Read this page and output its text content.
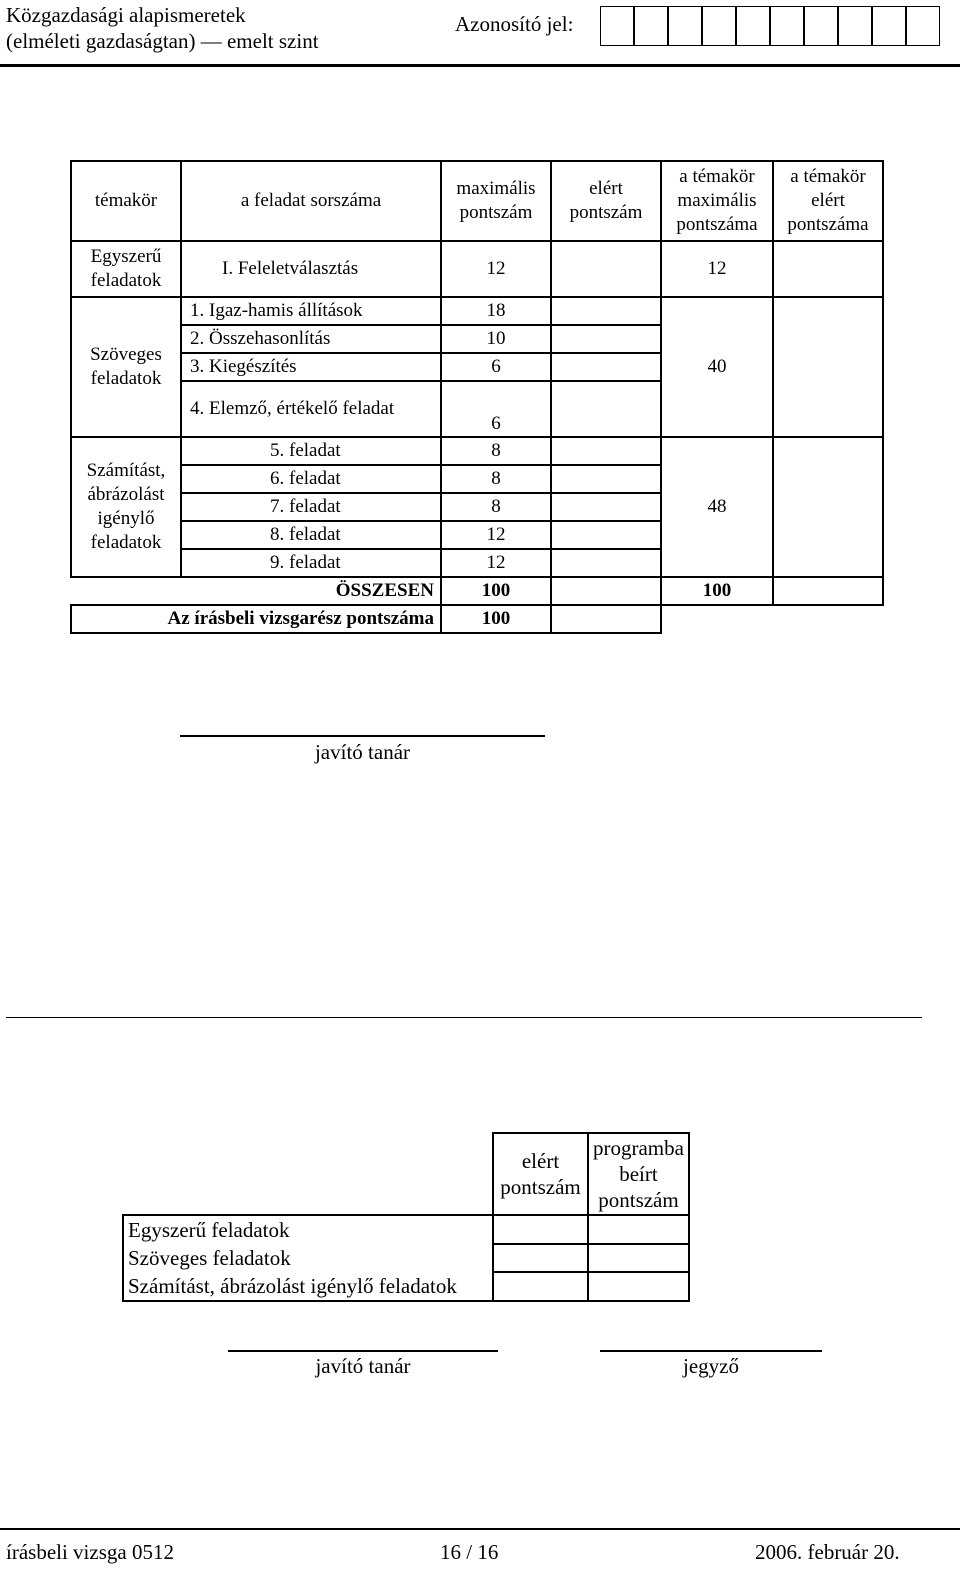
Közgazdasági alapismeretek
(elméleti gazdaságtan) — emelt szint
Azonosító jel:
témakör	a feladat sorszáma	maximális pontszám	elért pontszám	a témakör maximális pontszáma	a témakör elért pontszáma
Egyszerű feladatok	I. Feleletválasztás	12		12	
Szöveges feladatok	1. Igaz-hamis állítások	18		40	
	2. Összehasonlítás	10			
	3. Kiegészítés	6			
	4. Elemző, értékelő feladat	6			
Számítást, ábrázolást igénylő feladatok	5. feladat	8		48	
	6. feladat	8			
	7. feladat	8			
	8. feladat	12			
	9. feladat	12			
ÖSSZESEN		100		100	
Az írásbeli vizsgarész pontszáma		100			
javító tanár
	elért pontszám	programba beírt pontszám
Egyszerű feladatok		
Szöveges feladatok		
Számítást, ábrázolást igénylő feladatok		
javító tanár	jegyző
írásbeli vizsga 0512	16 / 16	2006. február 20.
